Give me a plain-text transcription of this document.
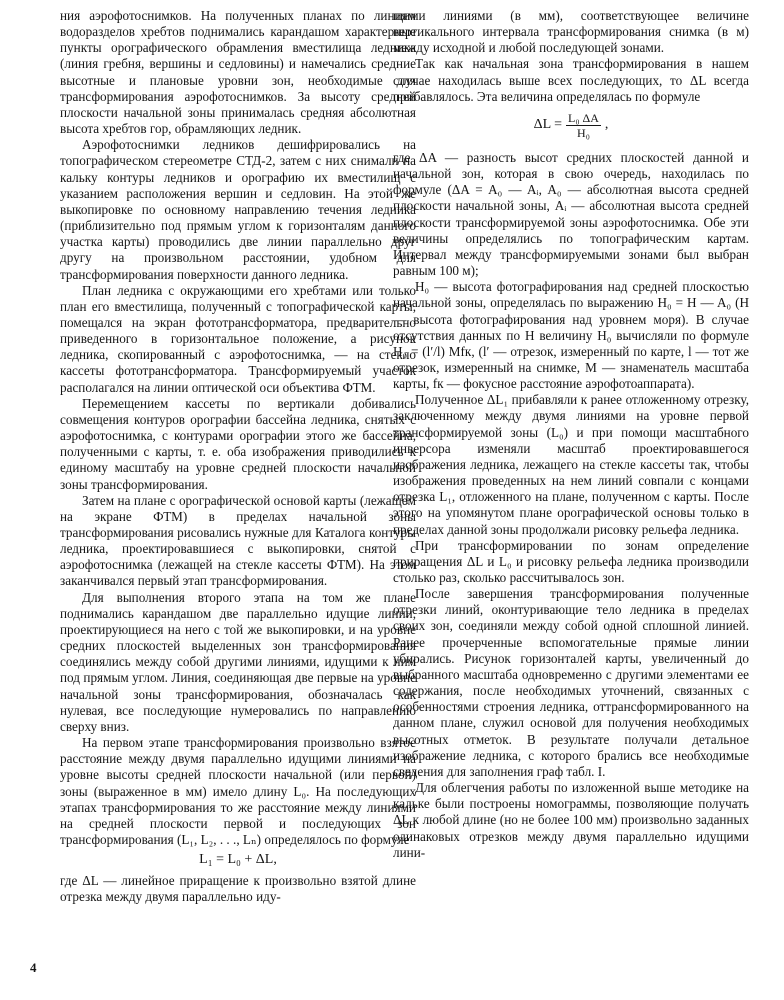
ния аэрофотоснимков. На полученных планах по линиям водоразделов хребтов поднимались карандашом характерные пункты орографического обрамления вместилища ледника (линия гребня, вершины и седловины) и намечались средние высотные и плановые уровни зон, необходимые для трансформирования аэрофотоснимков. За высоту средней плоскости начальной зоны принималась средняя абсолютная высота хребтов гор, обрамляющих ледник.

Аэрофотоснимки ледников дешифрировались на топографическом стереометре СТД-2, затем с них снимали на кальку контуры ледников и орографию их вместилищ с указанием расположения вершин и седловин. На этой же выкопировке по основному направлению течения ледника (приблизительно под прямым углом к горизонталям данного участка карты) проводились две линии параллельно друг другу на произвольном расстоянии, удобном для трансформирования поверхности данного ледника.

План ледника с окружающими его хребтами или только план его вместилища, полученный с топографической карты, помещался на экран фототрансформатора, предварительно приведенного в горизонтальное положение, а рисунок ледника, скопированный с аэрофотоснимка, — на стекло кассеты фототрансформатора. Трансформируемый участок располагался на линии оптической оси объектива ФТМ.

Перемещением кассеты по вертикали добивались совмещения контуров орографии бассейна ледника, снятых с аэрофотоснимка, с контурами орографии этого же бассейна, полученными с карты, т. е. оба изображения приводились к единому масштабу на уровне средней плоскости начальной зоны трансформирования.

Затем на плане с орографической основой карты (лежащем на экране ФТМ) в пределах начальной зоны трансформирования рисовались нужные для Каталога контуры ледника, проектировавшиеся с выкопировки, снятой с аэрофотоснимка (лежащей на стекле кассеты ФТМ). На этом заканчивался первый этап трансформирования.

Для выполнения второго этапа на том же плане поднимались карандашом две параллельно идущие линии, проектирующиеся на него с той же выкопировки, и на уровне средних плоскостей выделенных зон трансформирования соединялись между собой другими линиями, идущими к ним под прямым углом. Линия, соединяющая две первые на уровне начальной зоны трансформирования, обозначалась как нулевая, все последующие нумеровались по направлению сверху вниз.

На первом этапе трансформирования произвольно взятое расстояние между двумя параллельно идущими линиями на уровне высоты средней плоскости начальной (или первой) зоны (выраженное в мм) имело длину L₀. На последующих этапах трансформирования то же расстояние между линиями на средней плоскости первой и последующих зон трансформирования (L₁, L₂, . . ., Lₙ) определялось по формуле

L₁ = L₀ + ΔL,

где ΔL — линейное приращение к произвольно взятой длине отрезка между двумя параллельно иду-

щими линиями (в мм), соответствующее величине вертикального интервала трансформирования снимка (в м) между исходной и любой последующей зонами.

Так как начальная зона трансформирования в нашем случае находилась выше всех последующих, то ΔL всегда прибавлялось. Эта величина определялась по формуле

$\Delta L = \frac{\text{L₀ ΔA}}{\text{H₀}}$ ,

где ΔA — разность высот средних плоскостей данной и начальной зон, которая в свою очередь, находилась по формуле (ΔA = A₀ — Aᵢ, A₀ — абсолютная высота средней плоскости начальной зоны, Aᵢ — абсолютная высота средней плоскости трансформируемой зоны аэрофотоснимка. Обе эти величины определялись по топографическим картам. Интервал между трансформируемыми зонами был выбран равным 100 м);

H₀ — высота фотографирования над средней плоскостью начальной зоны, определялась по выражению H₀ = H — A₀ (H — высота фотографирования над уровнем моря). В случае отсутствия данных по H величину H₀ вычисляли по формуле H₀ = (l′/l) Mfк, (l′ — отрезок, измеренный по карте, l — тот же отрезок, измеренный на снимке, M — знаменатель масштаба карты, fк — фокусное расстояние аэрофотоаппарата).

Полученное ΔL₁ прибавляли к ранее отложенному отрезку, заключенному между двумя линиями на уровне первой трансформируемой зоны (L₀) и при помощи масштабного инверсора изменяли масштаб проектировавшегося изображения ледника, лежащего на стекле кассеты так, чтобы изображения проведенных на нем линий совпали с концами отрезка L₁, отложенного на плане, полученном с карты. После этого на упомянутом плане орографической основы только в пределах данной зоны продолжали рисовку рельефа ледника.

При трансформировании по зонам определение приращения ΔL и L₀ и рисовку рельефа ледника производили столько раз, сколько рассчитывалось зон.

После завершения трансформирования полученные отрезки линий, оконтуривающие тело ледника в пределах своих зон, соединяли между собой одной сплошной линией. Ранее прочерченные вспомогательные прямые линии убирались. Рисунок горизонталей карты, увеличенный до выбранного масштаба одновременно с другими элементами ее содержания, после необходимых уточнений, связанных с особенностями строения ледника, оттрансформированного на данном плане, служил основой для получения необходимых высотных отметок. В результате получали детальное изображение ледника, с которого брались все необходимые сведения для заполнения граф табл. I.

Для облегчения работы по изложенной выше методике на кальке были построены номограммы, позволяющие получать ΔL к любой длине (но не более 100 мм) произвольно заданных одинаковых отрезков между двумя параллельно идущими лини-

4
